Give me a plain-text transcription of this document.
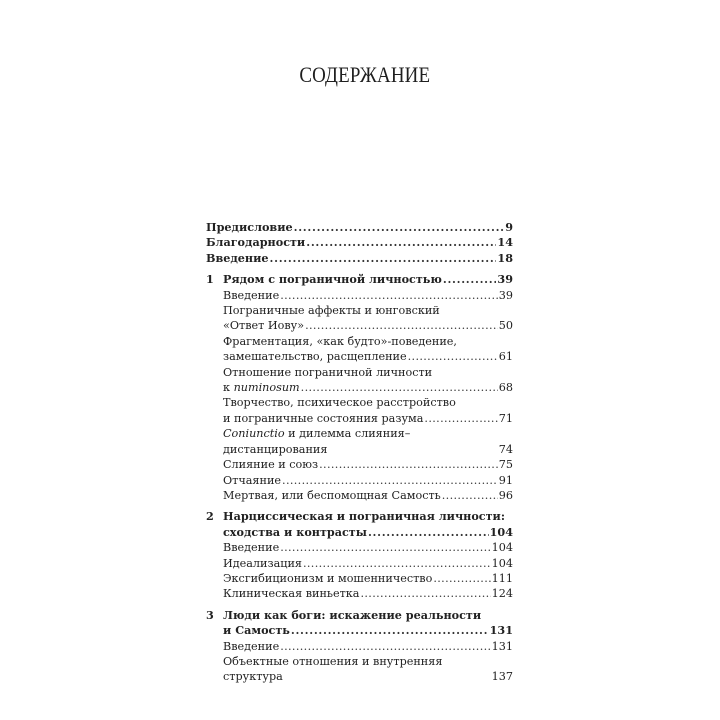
СОДЕРЖАНИЕ
Предисловие . . .	9
Благодарности . . .	14
Введение . . .	18
1 Рядом с пограничной личностью . . .	39
Введение . . .	39
Пограничные аффекты и юнговский
«Ответ Иову» . . .	50
Фрагментация, «как будто»-поведение,
замешательство, расщепление . . .	61
Отношение пограничной личности
к numinosum . . .	68
Творчество, психическое расстройство
и пограничные состояния разума . . .	71
Coniunctio и дилемма слияния–дистанцирования	74
Слияние и союз . . .	75
Отчаяние . . .	91
Мертвая, или беспомощная Самость . . .	96
2 Нарциссическая и пограничная личности:
сходства и контрасты . . .	104
Введение . . .	104
Идеализация . . .	104
Эксгибиционизм и мошенничество . . .	111
Клиническая виньетка . . .	124
3 Люди как боги: искажение реальности
и Самость . . .	131
Введение . . .	131
Объектные отношения и внутренняя структура	137
